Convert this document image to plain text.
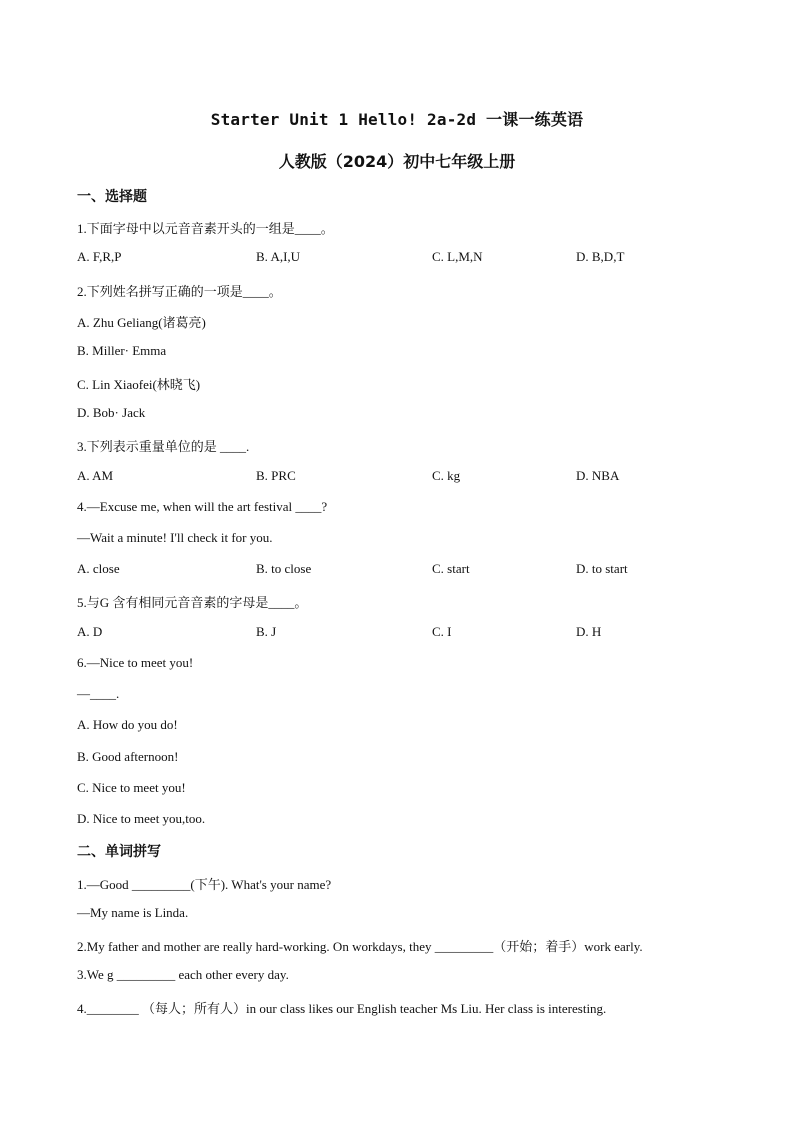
Starter Unit 1 Hello! 2a-2d 一课一练英语
人教版（2024）初中七年级上册
一、选择题
1.下面字母中以元音音素开头的一组是____。
A. F,R,P	B. A,I,U	C. L,M,N	D. B,D,T
2.下列姓名拼写正确的一项是____。
A. Zhu Geliang(诸葛亮)
B. Miller· Emma
C. Lin Xiaofei(林晓飞)
D. Bob· Jack
3.下列表示重量单位的是 ____.
A. AM	B. PRC	C. kg	D. NBA
4.—Excuse me, when will the art festival ____?
—Wait a minute! I'll check it for you.
A. close	B. to close	C. start	D. to start
5.与G 含有相同元音音素的字母是____。
A. D	B. J	C. I	D. H
6.—Nice to meet you!
—____.
A. How do you do!
B. Good afternoon!
C. Nice to meet you!
D. Nice to meet you,too.
二、单词拼写
1.—Good _________(下午). What's your name?
—My name is Linda.
2.My father and mother are really hard-working. On workdays, they _________（开始；着手）work early.
3.We g _________ each other every day.
4.________ （每人；所有人）in our class likes our English teacher Ms Liu. Her class is interesting.
